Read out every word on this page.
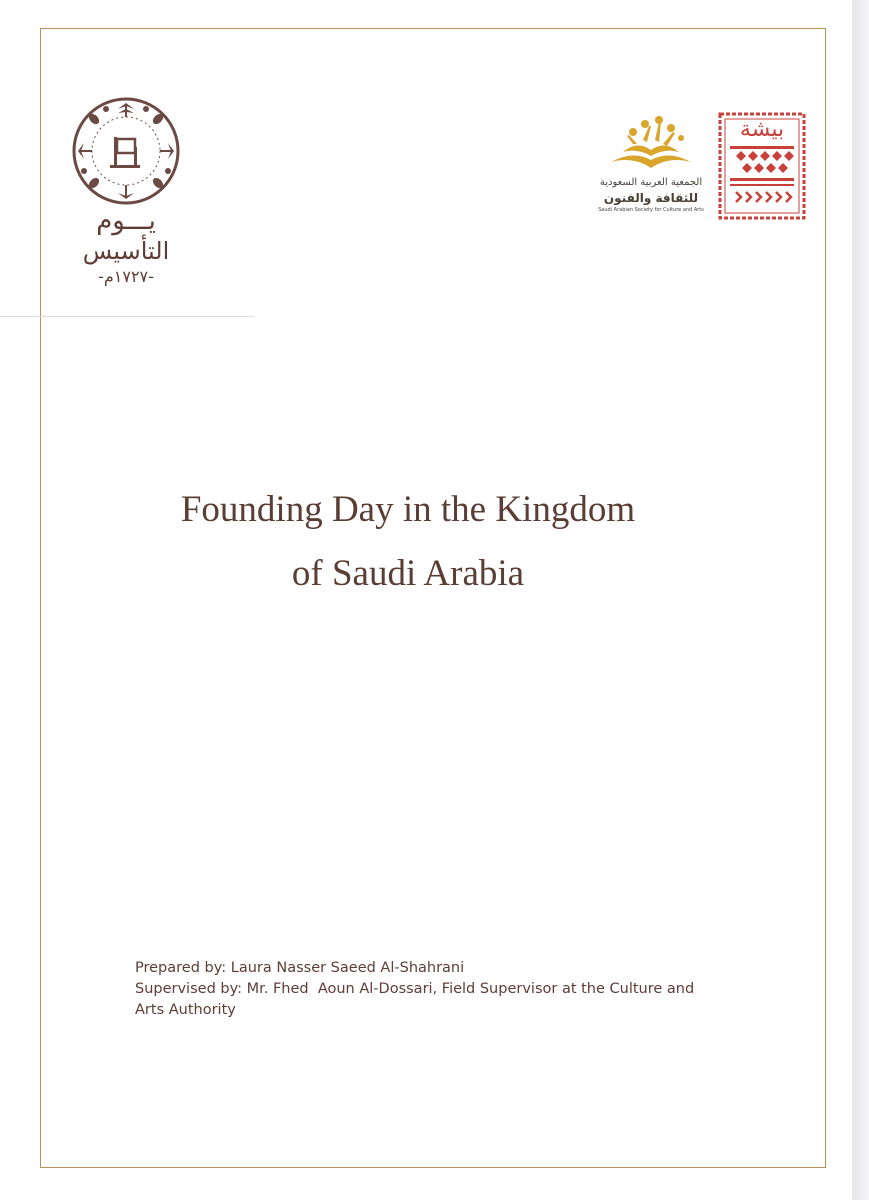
يـــوم
التأسيس
-١٧٢٧م-
الجمعية العربية السعودية
للثقافة والفنون
Saudi Arabian Society for Culture and Arts
بيشة
Founding Day in the Kingdom
of Saudi Arabia
Prepared by: Laura Nasser Saeed Al-Shahrani
Supervised by: Mr. Fhed  Aoun Al-Dossari, Field Supervisor at the Culture and
Arts Authority
